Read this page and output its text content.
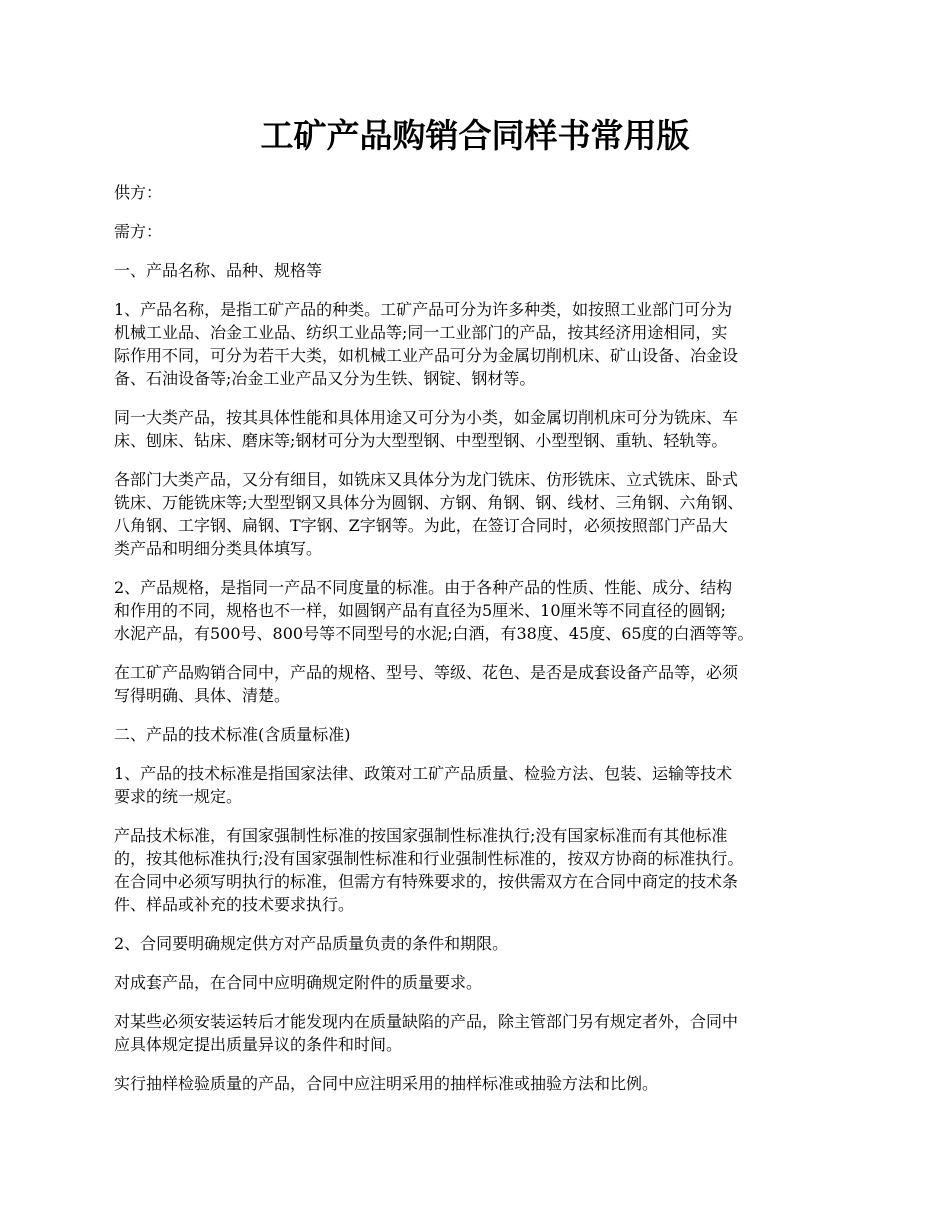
工矿产品购销合同样书常用版

供方：

需方：

一、产品名称、品种、规格等

1、产品名称，是指工矿产品的种类。工矿产品可分为许多种类，如按照工业部门可分为
机械工业品、冶金工业品、纺织工业品等;同一工业部门的产品，按其经济用途相同，实
际作用不同，可分为若干大类，如机械工业产品可分为金属切削机床、矿山设备、冶金设
备、石油设备等;冶金工业产品又分为生铁、钢锭、钢材等。

同一大类产品，按其具体性能和具体用途又可分为小类，如金属切削机床可分为铣床、车
床、刨床、钻床、磨床等;钢材可分为大型型钢、中型型钢、小型型钢、重轨、轻轨等。

各部门大类产品，又分有细目，如铣床又具体分为龙门铣床、仿形铣床、立式铣床、卧式
铣床、万能铣床等;大型型钢又具体分为圆钢、方钢、角钢、钢、线材、三角钢、六角钢、
八角钢、工字钢、扁钢、T字钢、Z字钢等。为此，在签订合同时，必须按照部门产品大
类产品和明细分类具体填写。

2、产品规格，是指同一产品不同度量的标准。由于各种产品的性质、性能、成分、结构
和作用的不同，规格也不一样，如圆钢产品有直径为5厘米、10厘米等不同直径的圆钢;
水泥产品，有500号、800号等不同型号的水泥;白酒，有38度、45度、65度的白酒等等。

在工矿产品购销合同中，产品的规格、型号、等级、花色、是否是成套设备产品等，必须
写得明确、具体、清楚。

二、产品的技术标准(含质量标准)

1、产品的技术标准是指国家法律、政策对工矿产品质量、检验方法、包装、运输等技术
要求的统一规定。

产品技术标准，有国家强制性标准的按国家强制性标准执行;没有国家标准而有其他标准
的，按其他标准执行;没有国家强制性标准和行业强制性标准的，按双方协商的标准执行。
在合同中必须写明执行的标准，但需方有特殊要求的，按供需双方在合同中商定的技术条
件、样品或补充的技术要求执行。

2、合同要明确规定供方对产品质量负责的条件和期限。

对成套产品，在合同中应明确规定附件的质量要求。

对某些必须安装运转后才能发现内在质量缺陷的产品，除主管部门另有规定者外，合同中
应具体规定提出质量异议的条件和时间。

实行抽样检验质量的产品，合同中应注明采用的抽样标准或抽验方法和比例。
